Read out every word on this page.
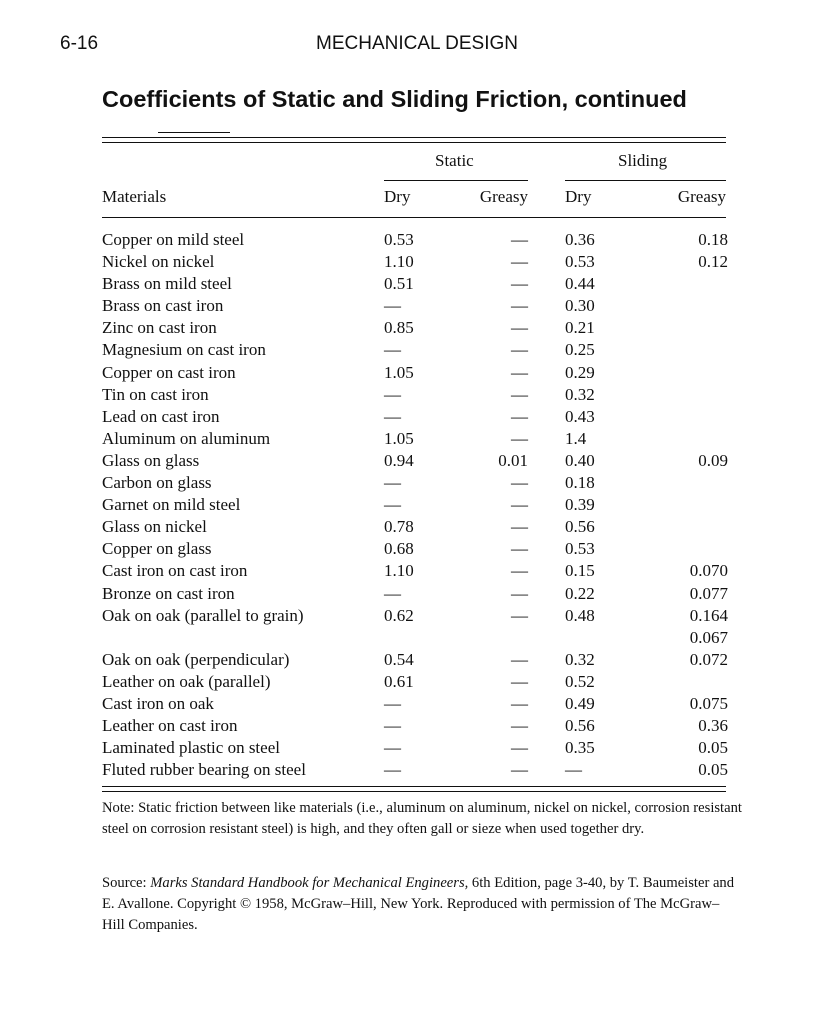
6-16	MECHANICAL DESIGN
Coefficients of Static and Sliding Friction, continued
Static	Sliding
Materials	Dry	Greasy Dry	Greasy
Copper on mild steel	0.53	— 0.36	0.18
Nickel on nickel	1.10	— 0.53	0.12
Brass on mild steel	0.51	— 0.44
Brass on cast iron	—	— 0.30
Zinc on cast iron	0.85	— 0.21
Magnesium on cast iron	—	— 0.25
Copper on cast iron	1.05	— 0.29
Tin on cast iron	—	— 0.32
Lead on cast iron	—	— 0.43
Aluminum on aluminum	1.05	— 1.4
Glass on glass	0.94	0.01 0.40	0.09
Carbon on glass	—	— 0.18
Garnet on mild steel	—	— 0.39
Glass on nickel	0.78	— 0.56
Copper on glass	0.68	— 0.53
Cast iron on cast iron	1.10	— 0.15	0.070
Bronze on cast iron	—	— 0.22	0.077
Oak on oak (parallel to grain)	0.62	— 0.48	0.164
0.067
Oak on oak (perpendicular)	0.54	— 0.32	0.072
Leather on oak (parallel)	0.61	— 0.52
Cast iron on oak	—	— 0.49	0.075
Leather on cast iron	—	— 0.56	0.36
Laminated plastic on steel	—	— 0.35	0.05
Fluted rubber bearing on steel	—	— —	0.05
Note: Static friction between like materials (i.e., aluminum on aluminum, nickel on nickel, corrosion resistant steel on corrosion resistant steel) is high, and they often gall or sieze when used together dry.
Source: Marks Standard Handbook for Mechanical Engineers, 6th Edition, page 3-40, by T. Baumeister and E. Avallone. Copyright © 1958, McGraw–Hill, New York. Reproduced with permission of The McGraw–Hill Companies.
